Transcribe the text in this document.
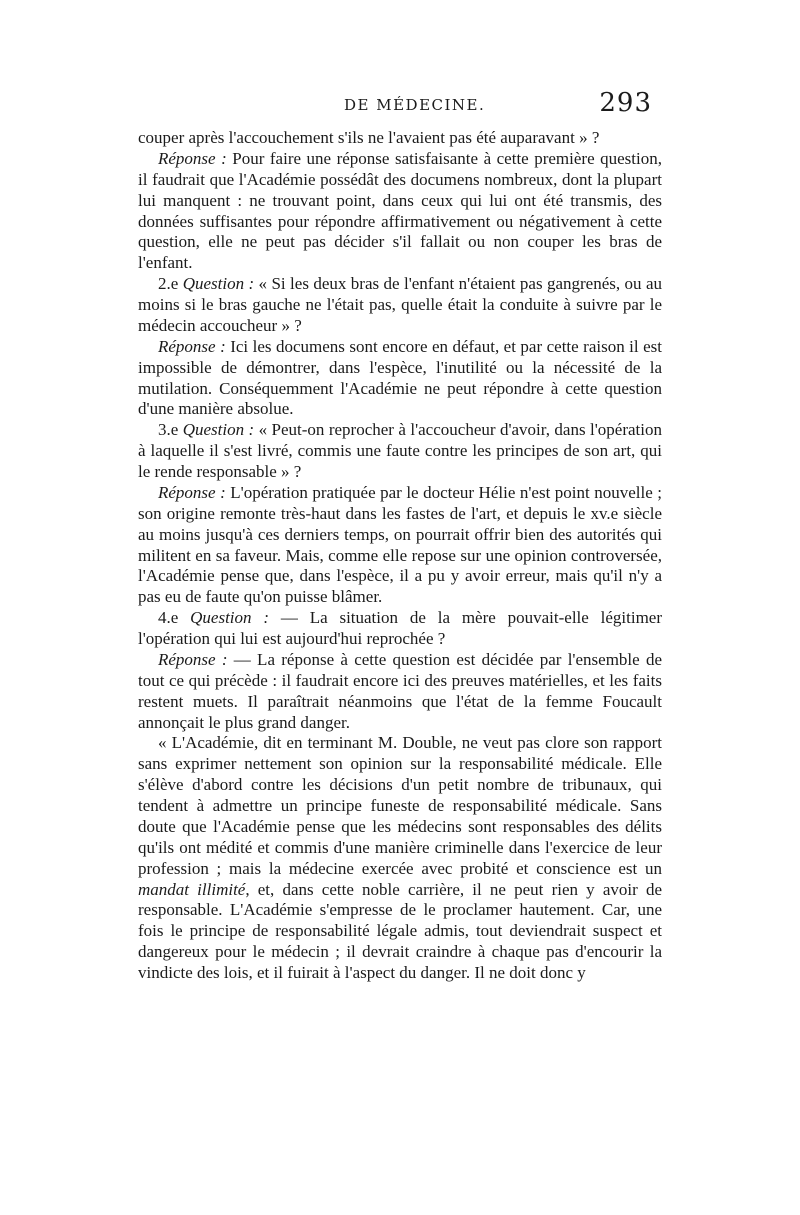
DE MÉDECINE.	293

couper après l'accouchement s'ils ne l'avaient pas été auparavant » ?

Réponse : Pour faire une réponse satisfaisante à cette première question, il faudrait que l'Académie possédât des documens nombreux, dont la plupart lui manquent : ne trouvant point, dans ceux qui lui ont été transmis, des données suffisantes pour répondre affirmativement ou négativement à cette question, elle ne peut pas décider s'il fallait ou non couper les bras de l'enfant.

2.e Question : « Si les deux bras de l'enfant n'étaient pas gangrenés, ou au moins si le bras gauche ne l'était pas, quelle était la conduite à suivre par le médecin accoucheur » ?

Réponse : Ici les documens sont encore en défaut, et par cette raison il est impossible de démontrer, dans l'espèce, l'inutilité ou la nécessité de la mutilation. Conséquemment l'Académie ne peut répondre à cette question d'une manière absolue.

3.e Question : « Peut-on reprocher à l'accoucheur d'avoir, dans l'opération à laquelle il s'est livré, commis une faute contre les principes de son art, qui le rende responsable » ?

Réponse : L'opération pratiquée par le docteur Hélie n'est point nouvelle ; son origine remonte très-haut dans les fastes de l'art, et depuis le xv.e siècle au moins jusqu'à ces derniers temps, on pourrait offrir bien des autorités qui militent en sa faveur. Mais, comme elle repose sur une opinion controversée, l'Académie pense que, dans l'espèce, il a pu y avoir erreur, mais qu'il n'y a pas eu de faute qu'on puisse blâmer.

4.e Question : — La situation de la mère pouvait-elle légitimer l'opération qui lui est aujourd'hui reprochée ?

Réponse : — La réponse à cette question est décidée par l'ensemble de tout ce qui précède : il faudrait encore ici des preuves matérielles, et les faits restent muets. Il paraîtrait néanmoins que l'état de la femme Foucault annonçait le plus grand danger.

« L'Académie, dit en terminant M. Double, ne veut pas clore son rapport sans exprimer nettement son opinion sur la responsabilité médicale. Elle s'élève d'abord contre les décisions d'un petit nombre de tribunaux, qui tendent à admettre un principe funeste de responsabilité médicale. Sans doute que l'Académie pense que les médecins sont responsables des délits qu'ils ont médité et commis d'une manière criminelle dans l'exercice de leur profession ; mais la médecine exercée avec probité et conscience est un mandat illimité, et, dans cette noble carrière, il ne peut rien y avoir de responsable. L'Académie s'empresse de le proclamer hautement. Car, une fois le principe de responsabilité légale admis, tout deviendrait suspect et dangereux pour le médecin ; il devrait craindre à chaque pas d'encourir la vindicte des lois, et il fuirait à l'aspect du danger. Il ne doit donc y
